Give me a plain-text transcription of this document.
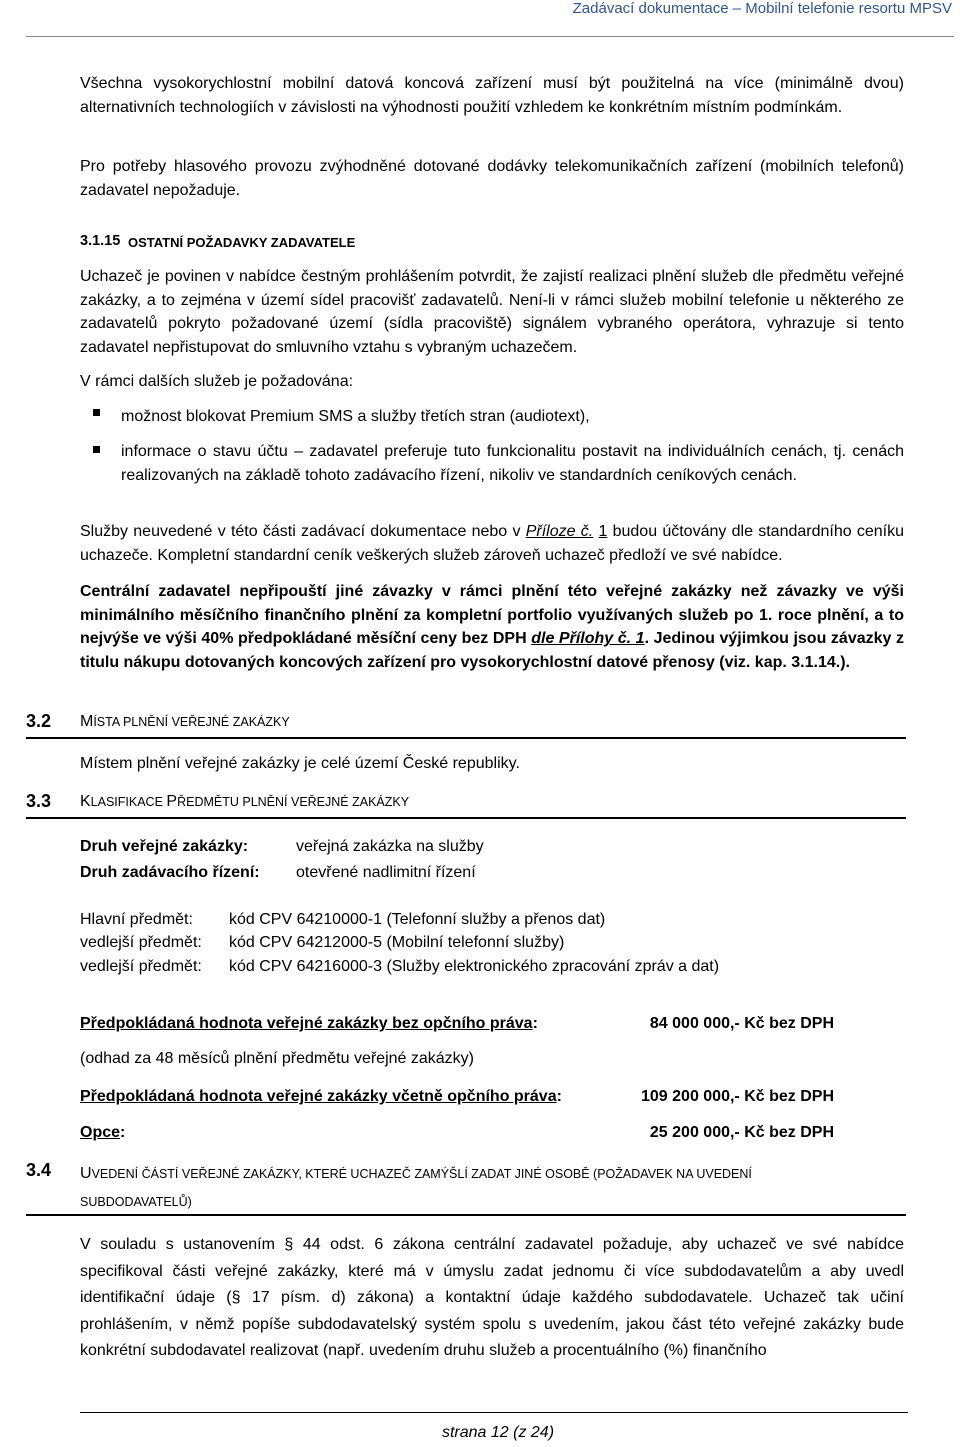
Zadávací dokumentace – Mobilní telefonie resortu MPSV

Všechna vysokorychlostní mobilní datová koncová zařízení musí být použitelná na více (minimálně dvou) alternativních technologiích v závislosti na výhodnosti použití vzhledem ke konkrétním místním podmínkám.

Pro potřeby hlasového provozu zvýhodněné dotované dodávky telekomunikačních zařízení (mobilních telefonů) zadavatel nepožaduje.

3.1.15 OSTATNÍ POŽADAVKY ZADAVATELE

Uchazeč je povinen v nabídce čestným prohlášením potvrdit, že zajistí realizaci plnění služeb dle předmětu veřejné zakázky, a to zejména v území sídel pracovišť zadavatelů. Není-li v rámci služeb mobilní telefonie u některého ze zadavatelů pokryto požadované území (sídla pracoviště) signálem vybraného operátora, vyhrazuje si tento zadavatel nepřistupovat do smluvního vztahu s vybraným uchazečem.

V rámci dalších služeb je požadována:

možnost blokovat Premium SMS a služby třetích stran (audiotext),

informace o stavu účtu – zadavatel preferuje tuto funkcionalitu postavit na individuálních cenách, tj. cenách realizovaných na základě tohoto zadávacího řízení, nikoliv ve standardních ceníkových cenách.

Služby neuvedené v této části zadávací dokumentace nebo v Příloze č. 1 budou účtovány dle standardního ceníku uchazeče. Kompletní standardní ceník veškerých služeb zároveň uchazeč předloží ve své nabídce.

Centrální zadavatel nepřipouští jiné závazky v rámci plnění této veřejné zakázky než závazky ve výši minimálního měsíčního finančního plnění za kompletní portfolio využívaných služeb po 1. roce plnění, a to nejvýše ve výši 40% předpokládané měsíční ceny bez DPH dle Přílohy č. 1. Jedinou výjimkou jsou závazky z titulu nákupu dotovaných koncových zařízení pro vysokorychlostní datové přenosy (viz. kap. 3.1.14.).

3.2 MÍSTA PLNĚNÍ VEŘEJNÉ ZAKÁZKY

Místem plnění veřejné zakázky je celé území České republiky.

3.3 KLASIFIKACE PŘEDMĚTU PLNĚNÍ VEŘEJNÉ ZAKÁZKY
Druh veřejné zakázky:	veřejná zakázka na služby
Druh zadávacího řízení: otevřené nadlimitní řízení
Hlavní předmět: kód CPV 64210000-1 (Telefonní služby a přenos dat)
vedlejší předmět: kód CPV 64212000-5 (Mobilní telefonní služby)
vedlejší předmět: kód CPV 64216000-3 (Služby elektronického zpracování zpráv a dat)
Předpokládaná hodnota veřejné zakázky bez opčního práva:	84 000 000,- Kč bez DPH
(odhad za 48 měsíců plnění předmětu veřejné zakázky)
Předpokládaná hodnota veřejné zakázky včetně opčního práva:	109 200 000,- Kč bez DPH
Opce:	25 200 000,- Kč bez DPH
3.4 UVEDENÍ ČÁSTÍ VEŘEJNÉ ZAKÁZKY, KTERÉ UCHAZEČ ZAMÝŠLÍ ZADAT JINÉ OSOBĚ (POŽADAVEK NA UVEDENÍ
SUBDODAVATELŮ)

V souladu s ustanovením § 44 odst. 6 zákona centrální zadavatel požaduje, aby uchazeč ve své nabídce specifikoval části veřejné zakázky, které má v úmyslu zadat jednomu či více subdodavatelům a aby uvedl identifikační údaje (§ 17 písm. d) zákona) a kontaktní údaje každého subdodavatele. Uchazeč tak učiní prohlášením, v němž popíše subdodavatelský systém spolu s uvedením, jakou část této veřejné zakázky bude konkrétní subdodavatel realizovat (např. uvedením druhu služeb a procentuálního (%) finančního

strana 12 (z 24)
